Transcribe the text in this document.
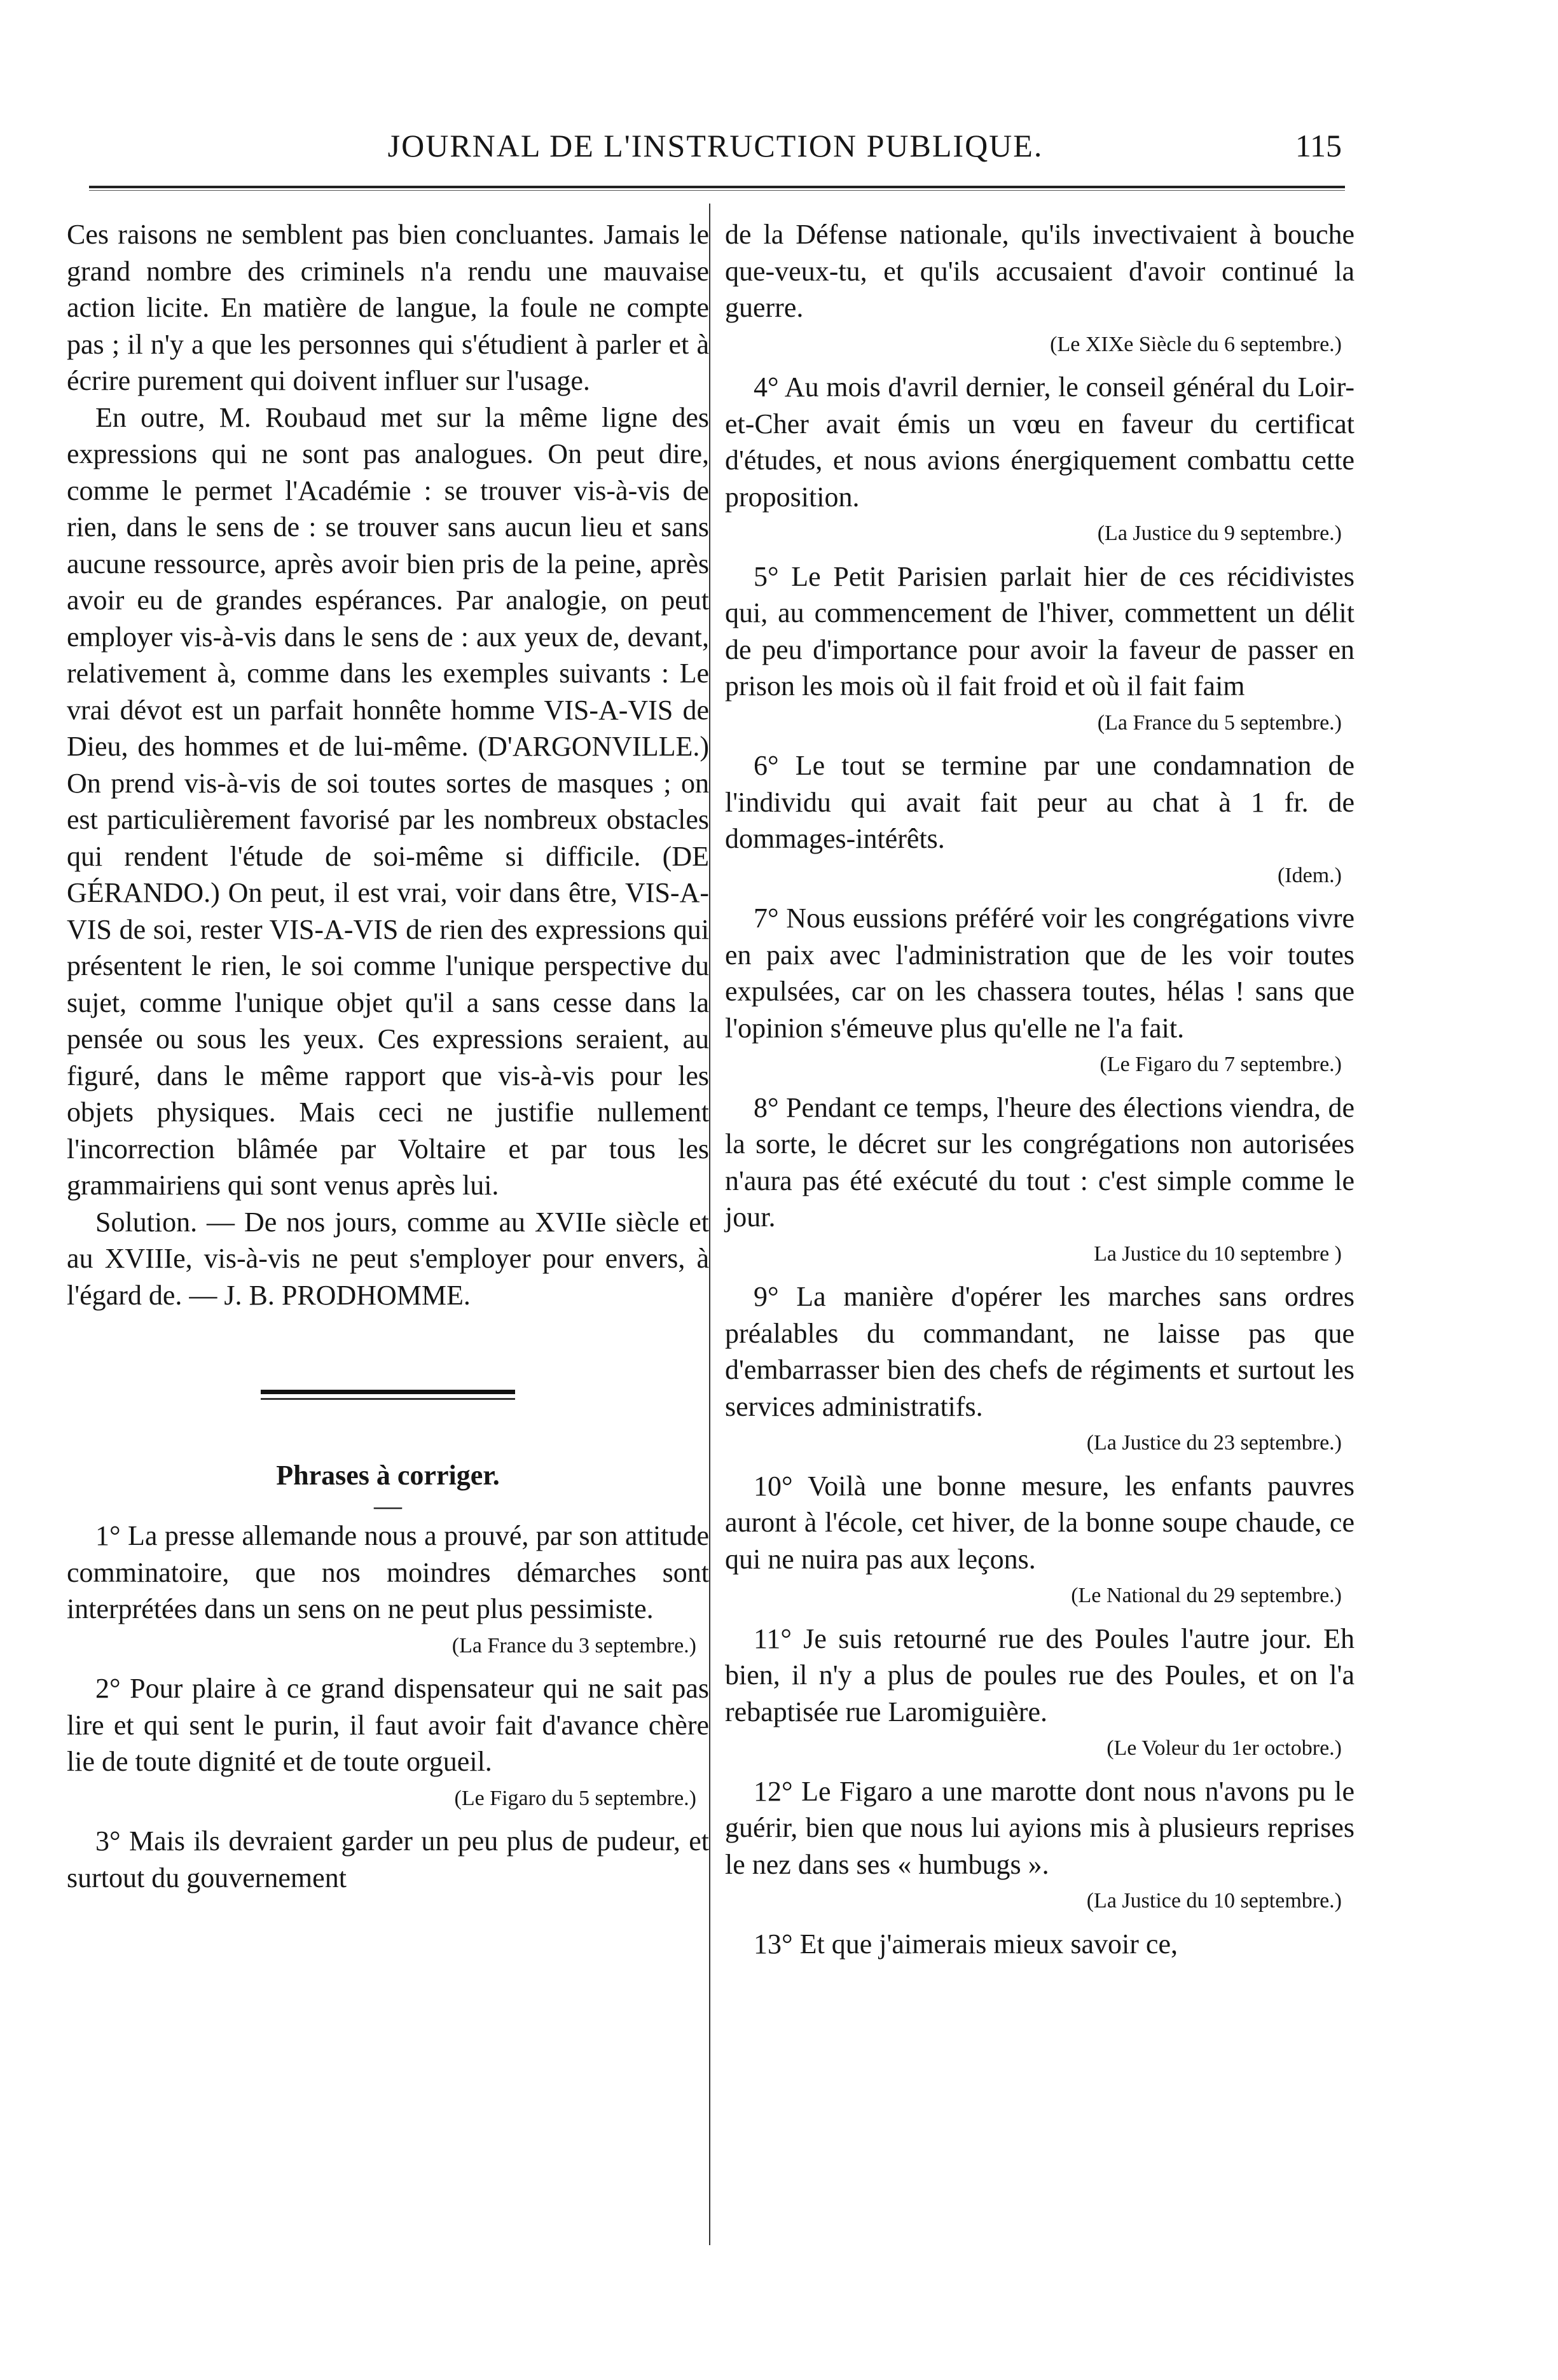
JOURNAL DE L'INSTRUCTION PUBLIQUE.	115

Ces raisons ne semblent pas bien concluantes. Jamais le grand nombre des criminels n'a rendu une mauvaise action licite. En matière de langue, la foule ne compte pas ; il n'y a que les personnes qui s'étudient à parler et à écrire purement qui doivent influer sur l'usage.

En outre, M. Roubaud met sur la même ligne des expressions qui ne sont pas analogues. On peut dire, comme le permet l'Académie : se trouver vis-à-vis de rien, dans le sens de : se trouver sans aucun lieu et sans aucune ressource, après avoir bien pris de la peine, après avoir eu de grandes espérances. Par analogie, on peut employer vis-à-vis dans le sens de : aux yeux de, devant, relativement à, comme dans les exemples suivants : Le vrai dévot est un parfait honnête homme VIS-A-VIS de Dieu, des hommes et de lui-même. (D'ARGONVILLE.) On prend vis-à-vis de soi toutes sortes de masques ; on est particulièrement favorisé par les nombreux obstacles qui rendent l'étude de soi-même si difficile. (DE GÉRANDO.) On peut, il est vrai, voir dans être, VIS-A-VIS de soi, rester VIS-A-VIS de rien des expressions qui présentent le rien, le soi comme l'unique perspective du sujet, comme l'unique objet qu'il a sans cesse dans la pensée ou sous les yeux. Ces expressions seraient, au figuré, dans le même rapport que vis-à-vis pour les objets physiques. Mais ceci ne justifie nullement l'incorrection blâmée par Voltaire et par tous les grammairiens qui sont venus après lui.

Solution. — De nos jours, comme au XVIIe siècle et au XVIIIe, vis-à-vis ne peut s'employer pour envers, à l'égard de. — J. B. PRODHOMME.

Phrases à corriger.
—

1° La presse allemande nous a prouvé, par son attitude comminatoire, que nos moindres démarches sont interprétées dans un sens on ne peut plus pessimiste.

(La France du 3 septembre.)

2° Pour plaire à ce grand dispensateur qui ne sait pas lire et qui sent le purin, il faut avoir fait d'avance chère lie de toute dignité et de toute orgueil.

(Le Figaro du 5 septembre.)

3° Mais ils devraient garder un peu plus de pudeur, et surtout du gouvernement

de la Défense nationale, qu'ils invectivaient à bouche que-veux-tu, et qu'ils accusaient d'avoir continué la guerre.

(Le XIXe Siècle du 6 septembre.)

4° Au mois d'avril dernier, le conseil général du Loir-et-Cher avait émis un vœu en faveur du certificat d'études, et nous avions énergiquement combattu cette proposition.

(La Justice du 9 septembre.)

5° Le Petit Parisien parlait hier de ces récidivistes qui, au commencement de l'hiver, commettent un délit de peu d'importance pour avoir la faveur de passer en prison les mois où il fait froid et où il fait faim

(La France du 5 septembre.)

6° Le tout se termine par une condamnation de l'individu qui avait fait peur au chat à 1 fr. de dommages-intérêts.

(Idem.)

7° Nous eussions préféré voir les congrégations vivre en paix avec l'administration que de les voir toutes expulsées, car on les chassera toutes, hélas ! sans que l'opinion s'émeuve plus qu'elle ne l'a fait.

(Le Figaro du 7 septembre.)

8° Pendant ce temps, l'heure des élections viendra, de la sorte, le décret sur les congrégations non autorisées n'aura pas été exécuté du tout : c'est simple comme le jour.

La Justice du 10 septembre )

9° La manière d'opérer les marches sans ordres préalables du commandant, ne laisse pas que d'embarrasser bien des chefs de régiments et surtout les services administratifs.

(La Justice du 23 septembre.)

10° Voilà une bonne mesure, les enfants pauvres auront à l'école, cet hiver, de la bonne soupe chaude, ce qui ne nuira pas aux leçons.

(Le National du 29 septembre.)

11° Je suis retourné rue des Poules l'autre jour. Eh bien, il n'y a plus de poules rue des Poules, et on l'a rebaptisée rue Laromiguière.

(Le Voleur du 1er octobre.)

12° Le Figaro a une marotte dont nous n'avons pu le guérir, bien que nous lui ayions mis à plusieurs reprises le nez dans ses « humbugs ».

(La Justice du 10 septembre.)

13° Et que j'aimerais mieux savoir ce,
